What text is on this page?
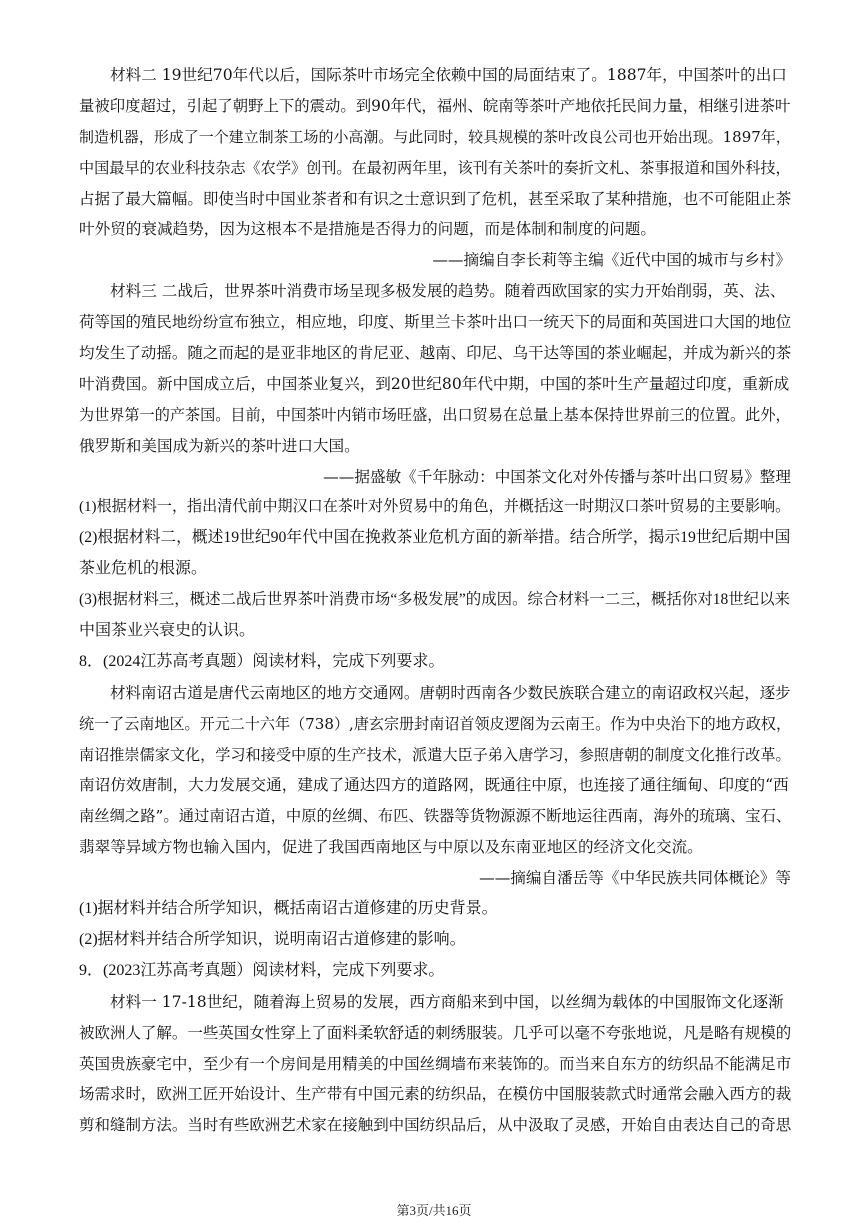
材料二 19世纪70年代以后，国际茶叶市场完全依赖中国的局面结束了。1887年，中国茶叶的出口
量被印度超过，引起了朝野上下的震动。到90年代，福州、皖南等茶叶产地依托民间力量，相继引进茶叶
制造机器，形成了一个建立制茶工场的小高潮。与此同时，较具规模的茶叶改良公司也开始出现。1897年，
中国最早的农业科技杂志《农学》创刊。在最初两年里，该刊有关茶叶的奏折文札、茶事报道和国外科技，
占据了最大篇幅。即使当时中国业茶者和有识之士意识到了危机，甚至采取了某种措施，也不可能阻止茶
叶外贸的衰减趋势，因为这根本不是措施是否得力的问题，而是体制和制度的问题。
——摘编自李长莉等主编《近代中国的城市与乡村》
材料三 二战后，世界茶叶消费市场呈现多极发展的趋势。随着西欧国家的实力开始削弱，英、法、
荷等国的殖民地纷纷宣布独立，相应地，印度、斯里兰卡茶叶出口一统天下的局面和英国进口大国的地位
均发生了动摇。随之而起的是亚非地区的肯尼亚、越南、印尼、乌干达等国的茶业崛起，并成为新兴的茶
叶消费国。新中国成立后，中国茶业复兴，到20世纪80年代中期，中国的茶叶生产量超过印度，重新成
为世界第一的产茶国。目前，中国茶叶内销市场旺盛，出口贸易在总量上基本保持世界前三的位置。此外，
俄罗斯和美国成为新兴的茶叶进口大国。
——据盛敏《千年脉动：中国茶文化对外传播与茶叶出口贸易》整理
(1)根据材料一，指出清代前中期汉口在茶叶对外贸易中的角色，并概括这一时期汉口茶叶贸易的主要影响。
(2)根据材料二，概述19世纪90年代中国在挽救茶业危机方面的新举措。结合所学，揭示19世纪后期中国
茶业危机的根源。
(3)根据材料三，概述二战后世界茶叶消费市场“多极发展”的成因。综合材料一二三，概括你对18世纪以来
中国茶业兴衰史的认识。
8．(2024江苏高考真题）阅读材料，完成下列要求。
材料南诏古道是唐代云南地区的地方交通网。唐朝时西南各少数民族联合建立的南诏政权兴起，逐步
统一了云南地区。开元二十六年（738）,唐玄宗册封南诏首领皮逻阁为云南王。作为中央治下的地方政权，
南诏推崇儒家文化，学习和接受中原的生产技术，派遣大臣子弟入唐学习，参照唐朝的制度文化推行改革。
南诏仿效唐制，大力发展交通，建成了通达四方的道路网，既通往中原，也连接了通往缅甸、印度的“西
南丝绸之路”。通过南诏古道，中原的丝绸、布匹、铁器等货物源源不断地运往西南，海外的琉璃、宝石、
翡翠等异域方物也输入国内，促进了我国西南地区与中原以及东南亚地区的经济文化交流。
——摘编自潘岳等《中华民族共同体概论》等
(1)据材料并结合所学知识，概括南诏古道修建的历史背景。
(2)据材料并结合所学知识，说明南诏古道修建的影响。
9．(2023江苏高考真题）阅读材料，完成下列要求。
材料一 17-18世纪，随着海上贸易的发展，西方商船来到中国，以丝绸为载体的中国服饰文化逐渐
被欧洲人了解。一些英国女性穿上了面料柔软舒适的刺绣服装。几乎可以毫不夸张地说，凡是略有规模的
英国贵族豪宅中，至少有一个房间是用精美的中国丝绸墙布来装饰的。而当来自东方的纺织品不能满足市
场需求时，欧洲工匠开始设计、生产带有中国元素的纺织品，在模仿中国服装款式时通常会融入西方的裁
剪和缝制方法。当时有些欧洲艺术家在接触到中国纺织品后，从中汲取了灵感，开始自由表达自己的奇思
第3页/共16页
